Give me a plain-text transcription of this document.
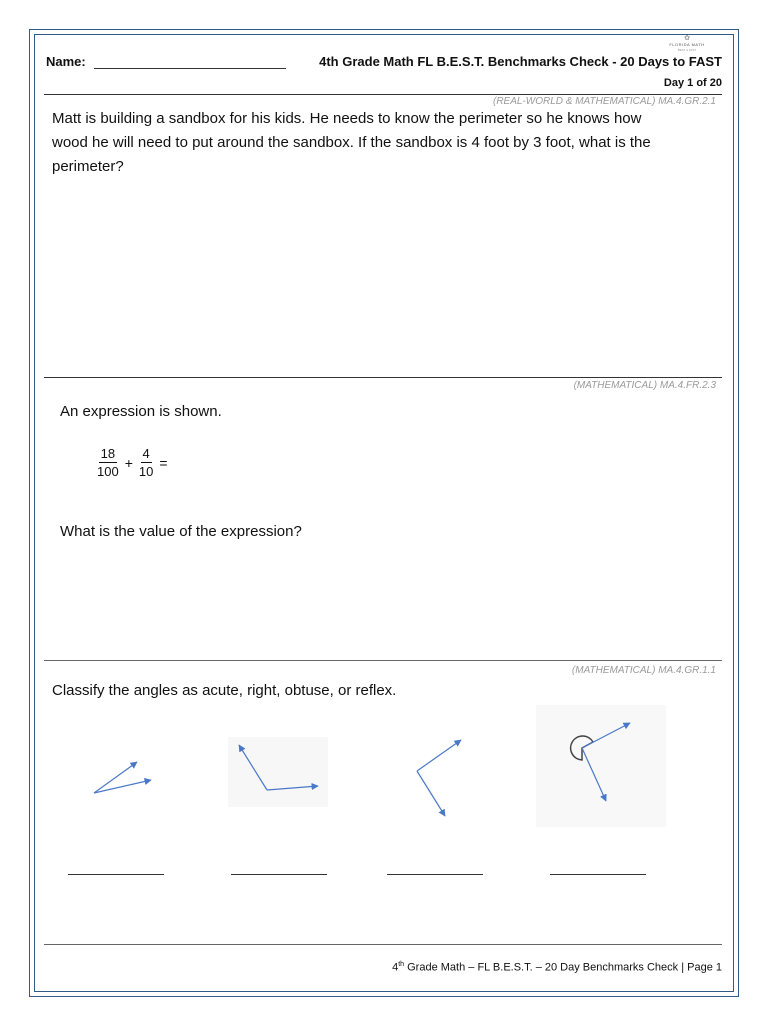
✿
FLORIDA MATH
BEST ♦ FAST
Name:	4th Grade Math FL B.E.S.T. Benchmarks Check - 20 Days to FAST
Day 1 of 20
(REAL-WORLD & MATHEMATICAL) MA.4.GR.2.1
Matt is building a sandbox for his kids. He needs to know the perimeter so he knows how
wood he will need to put around the sandbox. If the sandbox is 4 foot by 3 foot, what is the
perimeter?
(MATHEMATICAL) MA.4.FR.2.3
An expression is shown.
$\frac{18}{100} + \frac{4}{10}$ =
What is the value of the expression?
(MATHEMATICAL) MA.4.GR.1.1
Classify the angles as acute, right, obtuse, or reflex.
4th Grade Math – FL B.E.S.T. – 20 Day Benchmarks Check | Page 1
